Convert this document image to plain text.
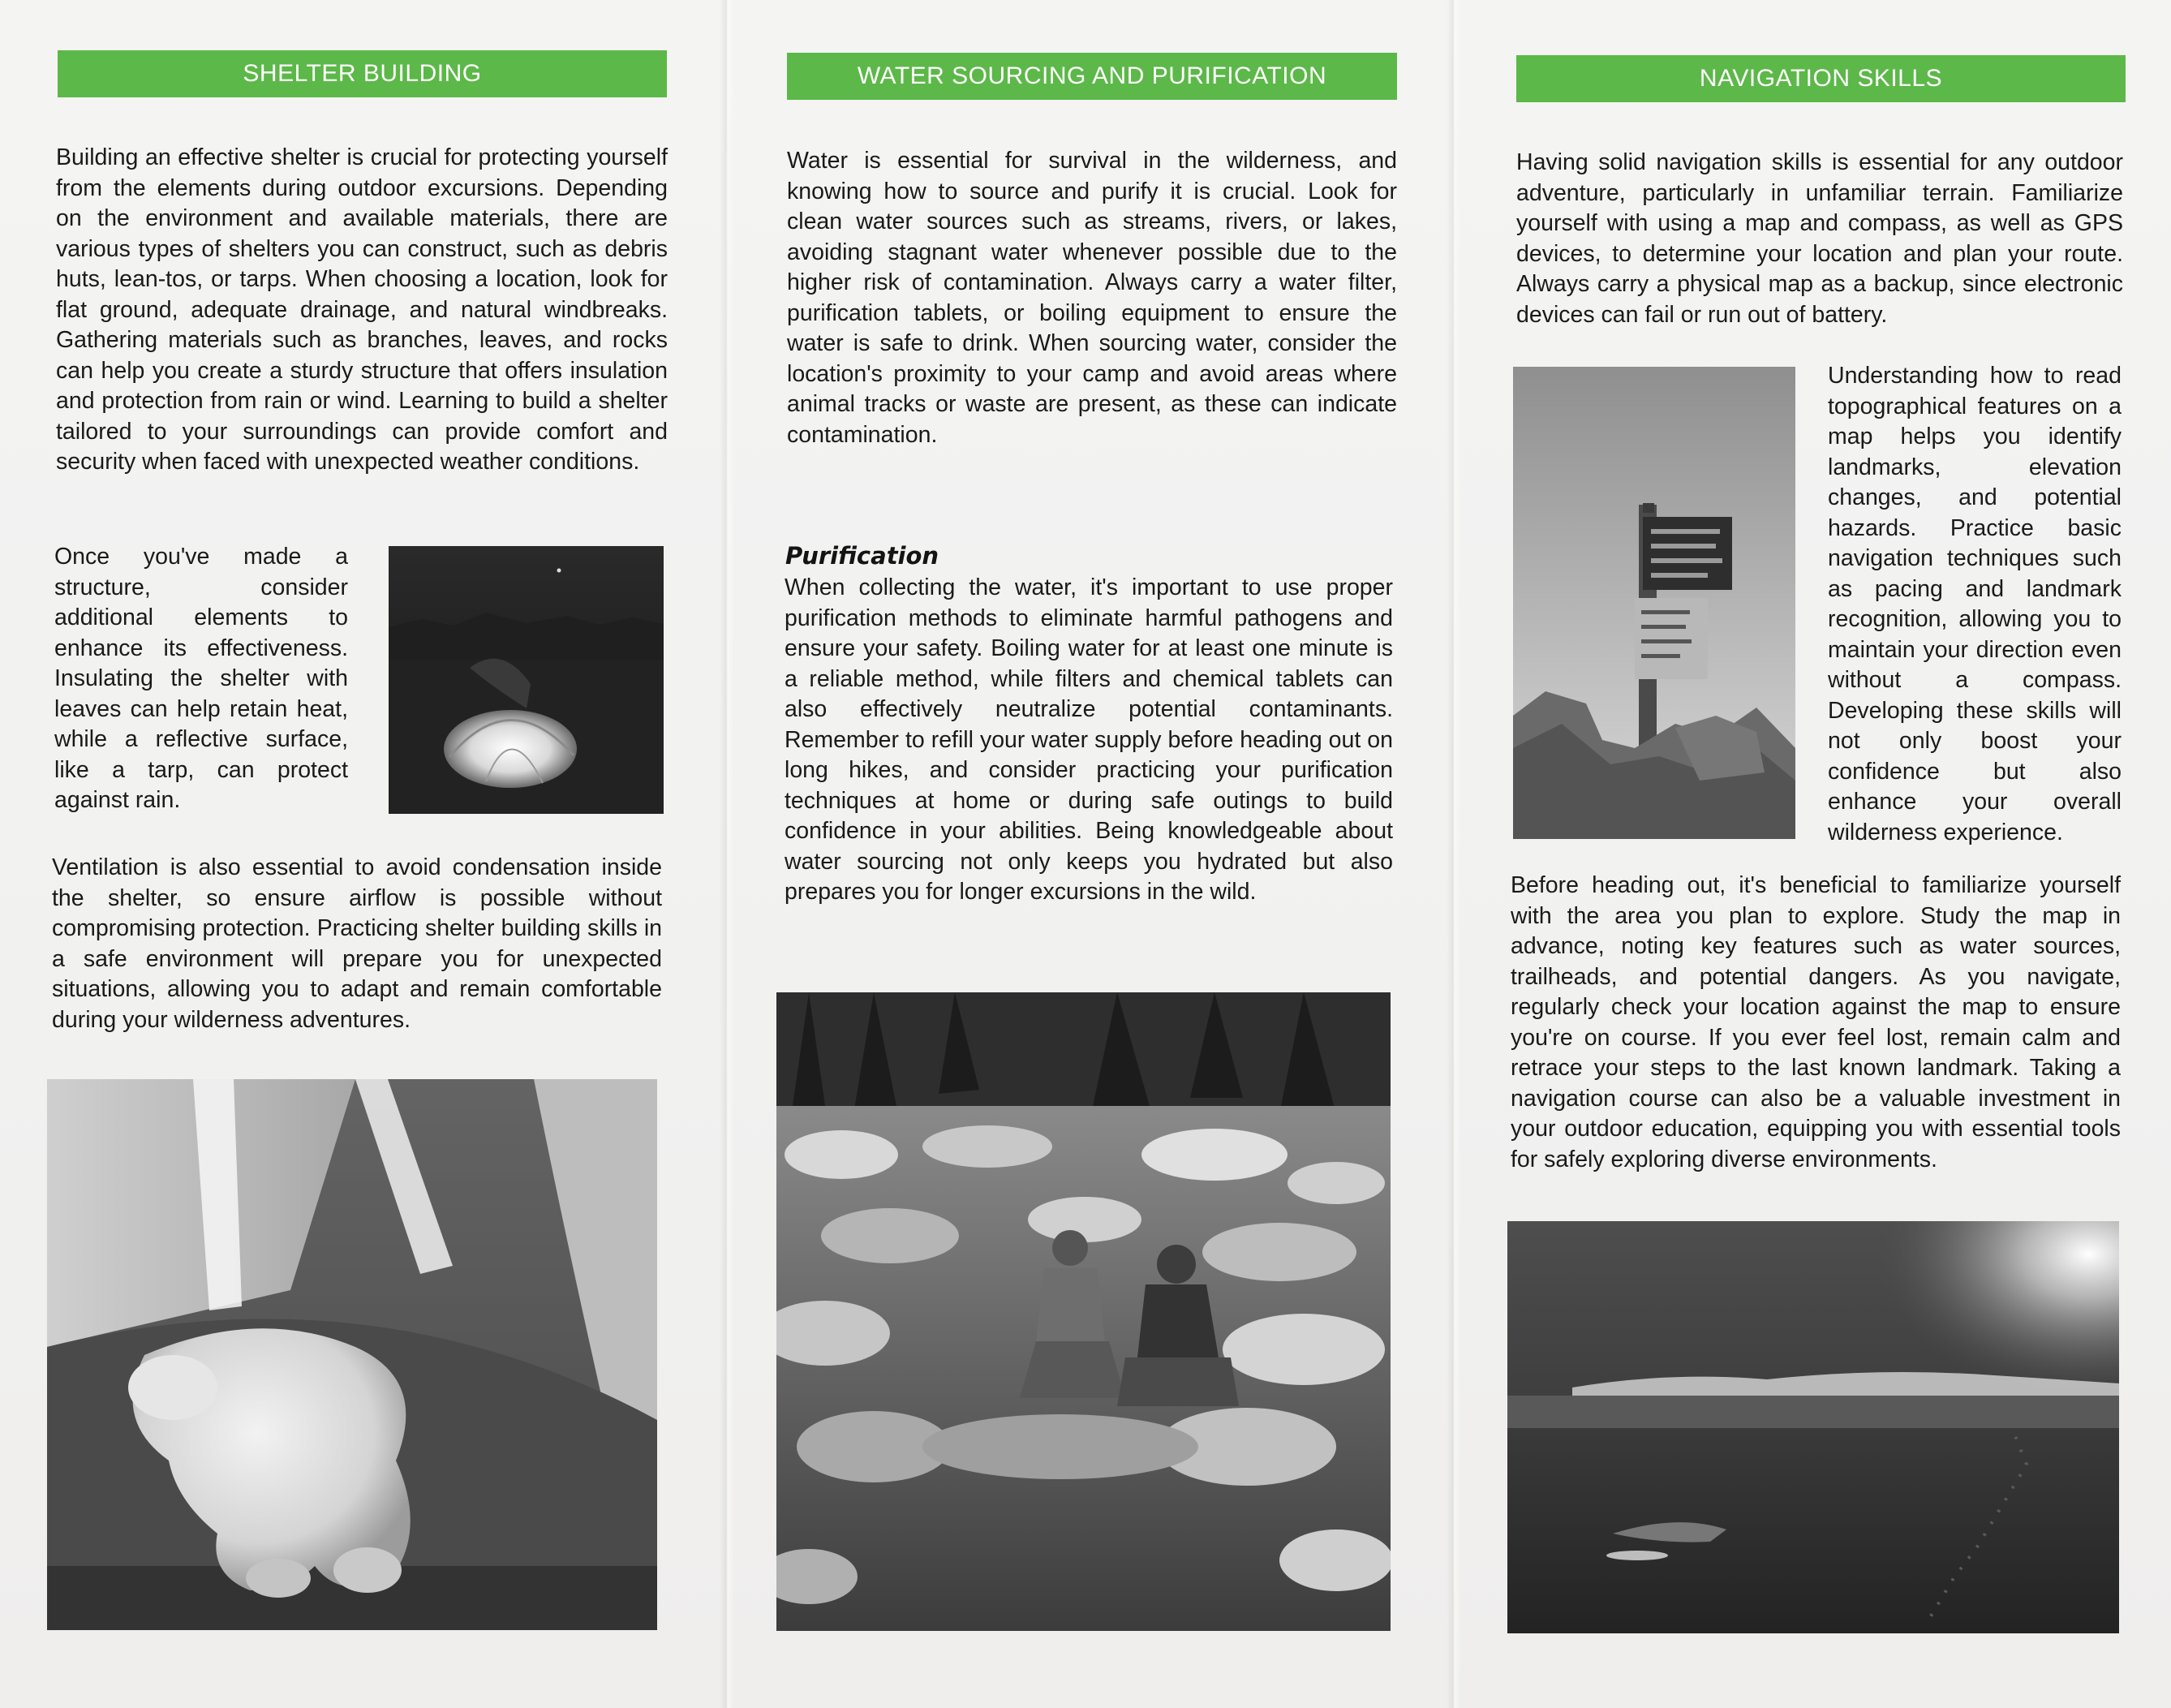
SHELTER BUILDING

Building an effective shelter is crucial for protecting yourself from the elements during outdoor excursions. Depending on the environment and available materials, there are various types of shelters you can construct, such as debris huts, lean-tos, or tarps. When choosing a location, look for flat ground, adequate drainage, and natural windbreaks. Gathering materials such as branches, leaves, and rocks can help you create a sturdy structure that offers insulation and protection from rain or wind. Learning to build a shelter tailored to your surroundings can provide comfort and security when faced with unexpected weather conditions.

Once you've made a structure, consider additional elements to enhance its effectiveness. Insulating the shelter with leaves can help retain heat, while a reflective surface, like a tarp, can protect against rain.

Ventilation is also essential to avoid condensation inside the shelter, so ensure airflow is possible without compromising protection. Practicing shelter building skills in a safe environment will prepare you for unexpected situations, allowing you to adapt and remain comfortable during your wilderness adventures.

WATER SOURCING AND PURIFICATION

Water is essential for survival in the wilderness, and knowing how to source and purify it is crucial. Look for clean water sources such as streams, rivers, or lakes, avoiding stagnant water whenever possible due to the higher risk of contamination. Always carry a water filter, purification tablets, or boiling equipment to ensure the water is safe to drink. When sourcing water, consider the location's proximity to your camp and avoid areas where animal tracks or waste are present, as these can indicate contamination.

Purification

When collecting the water, it's important to use proper purification methods to eliminate harmful pathogens and ensure your safety. Boiling water for at least one minute is a reliable method, while filters and chemical tablets can also effectively neutralize potential contaminants. Remember to refill your water supply before heading out on long hikes, and consider practicing your purification techniques at home or during safe outings to build confidence in your abilities. Being knowledgeable about water sourcing not only keeps you hydrated but also prepares you for longer excursions in the wild.

NAVIGATION SKILLS

Having solid navigation skills is essential for any outdoor adventure, particularly in unfamiliar terrain. Familiarize yourself with using a map and compass, as well as GPS devices, to determine your location and plan your route. Always carry a physical map as a backup, since electronic devices can fail or run out of battery.

Understanding how to read topographical features on a map helps you identify landmarks, elevation changes, and potential hazards. Practice basic navigation techniques such as pacing and landmark recognition, allowing you to maintain your direction even without a compass. Developing these skills will not only boost your confidence but also enhance your overall wilderness experience.

Before heading out, it's beneficial to familiarize yourself with the area you plan to explore. Study the map in advance, noting key features such as water sources, trailheads, and potential dangers. As you navigate, regularly check your location against the map to ensure you're on course. If you ever feel lost, remain calm and retrace your steps to the last known landmark. Taking a navigation course can also be a valuable investment in your outdoor education, equipping you with essential tools for safely exploring diverse environments.
